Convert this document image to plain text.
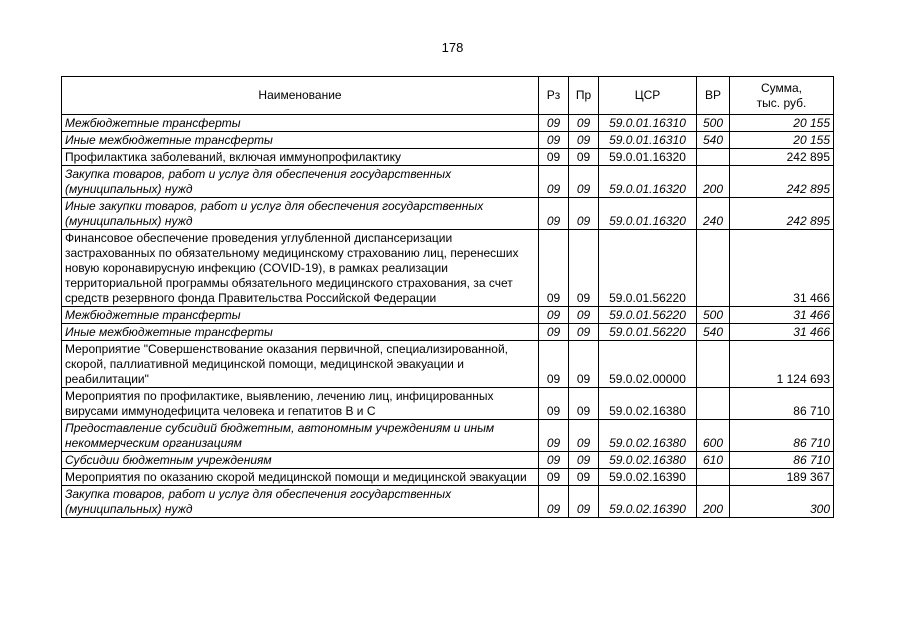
178
Наименование	Рз	Пр	ЦСР	ВР	Сумма,
тыс. руб.

Межбюджетные трансферты	09	09	59.0.01.16310	500	20 155
Иные межбюджетные трансферты	09	09	59.0.01.16310	540	20 155
Профилактика заболеваний, включая иммунопрофилактику	09	09	59.0.01.16320		242 895
Закупка товаров, работ и услуг для обеспечения государственных (муниципальных) нужд	09	09	59.0.01.16320	200	242 895
Иные закупки товаров, работ и услуг для обеспечения государственных (муниципальных) нужд	09	09	59.0.01.16320	240	242 895
Финансовое обеспечение проведения углубленной диспансеризации застрахованных по обязательному медицинскому страхованию лиц, перенесших новую коронавирусную инфекцию (COVID-19), в рамках реализации территориальной программы обязательного медицинского страхования, за счет средств резервного фонда Правительства Российской Федерации	09	09	59.0.01.56220		31 466
Межбюджетные трансферты	09	09	59.0.01.56220	500	31 466
Иные межбюджетные трансферты	09	09	59.0.01.56220	540	31 466
Мероприятие "Совершенствование оказания первичной, специализированной, скорой, паллиативной медицинской помощи, медицинской эвакуации и реабилитации"	09	09	59.0.02.00000		1 124 693
Мероприятия по профилактике, выявлению, лечению лиц, инфицированных вирусами иммунодефицита человека и гепатитов В и С	09	09	59.0.02.16380		86 710
Предоставление субсидий бюджетным, автономным учреждениям и иным некоммерческим организациям	09	09	59.0.02.16380	600	86 710
Субсидии бюджетным учреждениям	09	09	59.0.02.16380	610	86 710
Мероприятия по оказанию скорой медицинской помощи и медицинской эвакуации	09	09	59.0.02.16390		189 367
Закупка товаров, работ и услуг для обеспечения государственных (муниципальных) нужд	09	09	59.0.02.16390	200	300
